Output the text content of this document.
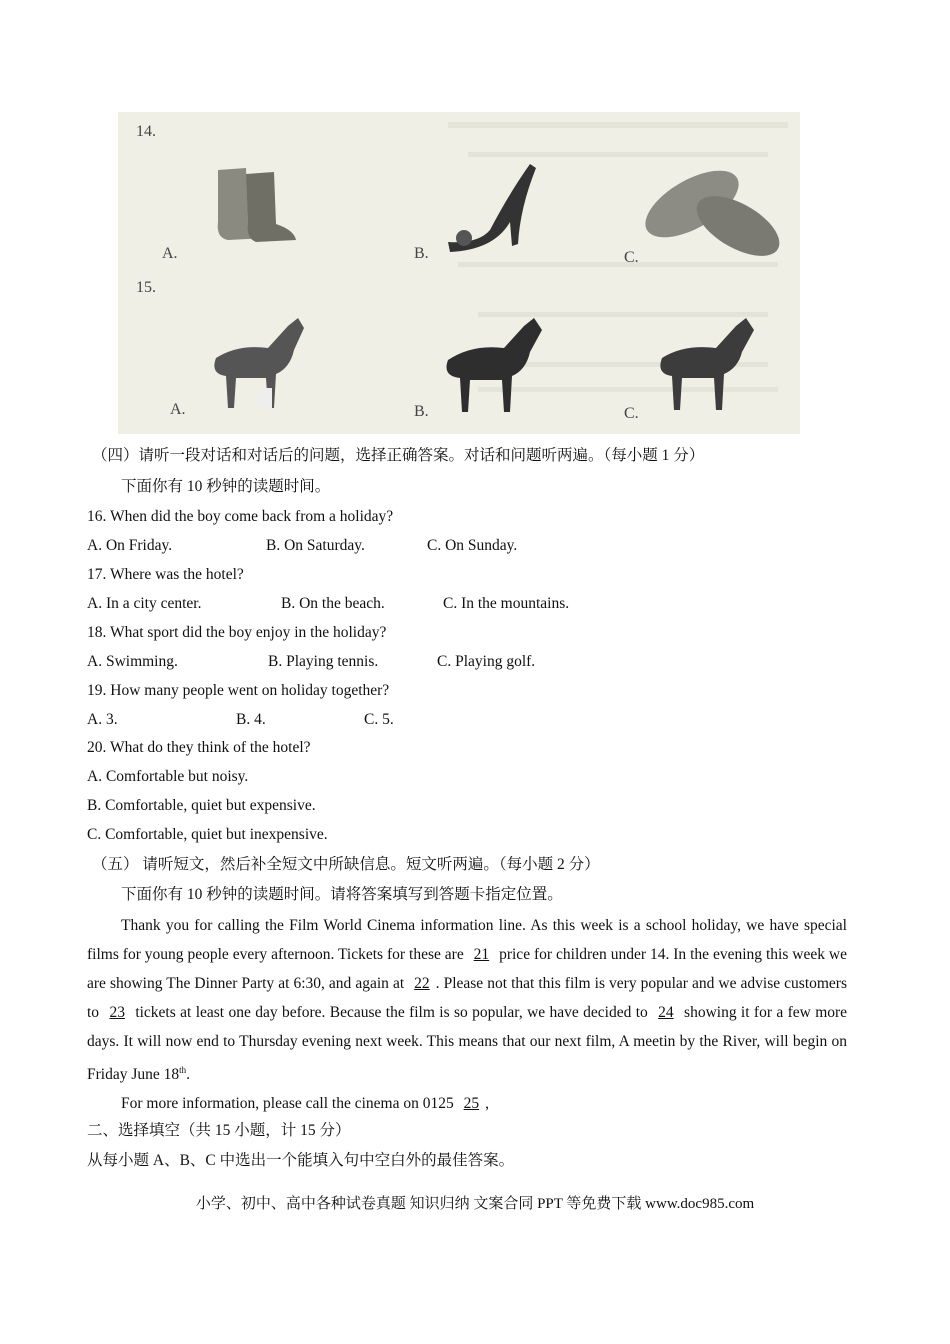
14.
A.	B.	C.
15.
A.	B.	C.
（四）请听一段对话和对话后的问题，选择正确答案。对话和问题听两遍。（每小题 1 分）
下面你有 10 秒钟的读题时间。
16. When did the boy come back from a holiday?
A. On Friday.	B. On Saturday.	C. On Sunday.
17. Where was the hotel?
A. In a city center.	B. On the beach.	C. In the mountains.
18. What sport did the boy enjoy in the holiday?
A. Swimming.	B. Playing tennis.	C. Playing golf.
19. How many people went on holiday together?
A. 3.	B. 4.	C. 5.
20. What do they think of the hotel?
A. Comfortable but noisy.
B. Comfortable, quiet but expensive.
C. Comfortable, quiet but inexpensive.
（五） 请听短文，然后补全短文中所缺信息。短文听两遍。（每小题 2 分）
下面你有 10 秒钟的读题时间。请将答案填写到答题卡指定位置。

Thank you for calling the Film World Cinema information line. As this week is a school holiday, we have special films for young people every afternoon. Tickets for these are 21 price for children under 14. In the evening this week we are showing The Dinner Party at 6:30, and again at 22 . Please not that this film is very popular and we advise customers to 23 tickets at least one day before. Because the film is so popular, we have decided to 24 showing it for a few more days. It will now end to Thursday evening next week. This means that our next film, A meetin by the River, will begin on Friday June 18th.

For more information, please call the cinema on 0125 25 ,

二、选择填空（共 15 小题，计 15 分）
从每小题 A、B、C 中选出一个能填入句中空白外的最佳答案。
小学、初中、高中各种试卷真题 知识归纳 文案合同 PPT 等免费下载 www.doc985.com
